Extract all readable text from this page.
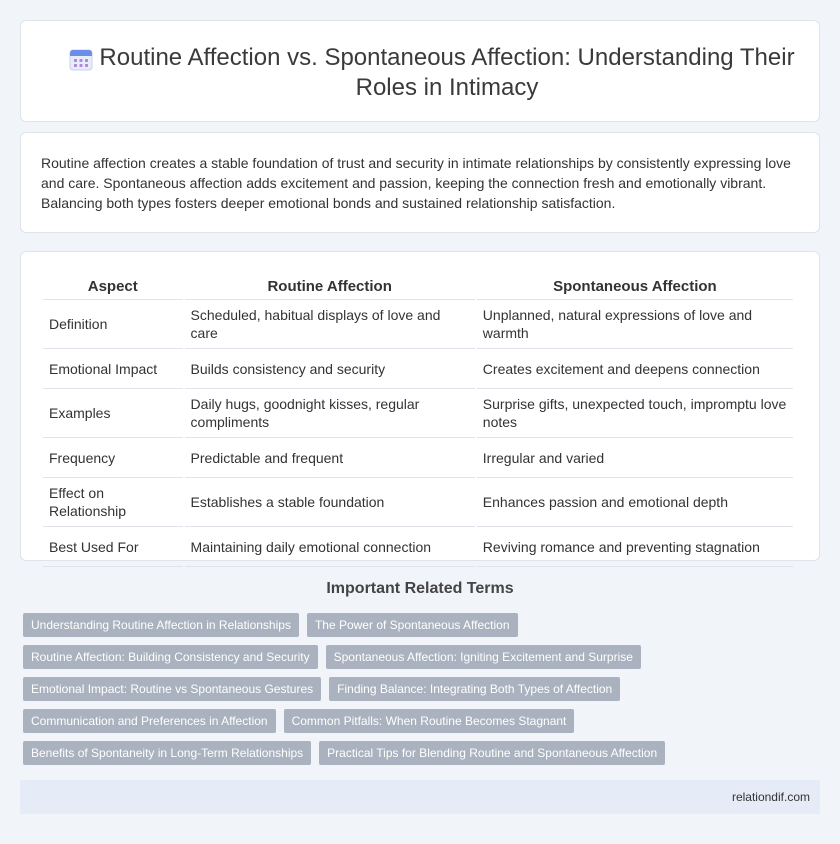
Routine Affection vs. Spontaneous Affection: Understanding Their Roles in Intimacy

Routine affection creates a stable foundation of trust and security in intimate relationships by consistently expressing love and care. Spontaneous affection adds excitement and passion, keeping the connection fresh and emotionally vibrant. Balancing both types fosters deeper emotional bonds and sustained relationship satisfaction.

Aspect	Routine Affection	Spontaneous Affection
Definition	Scheduled, habitual displays of love and care	Unplanned, natural expressions of love and warmth
Emotional Impact	Builds consistency and security	Creates excitement and deepens connection
Examples	Daily hugs, goodnight kisses, regular compliments	Surprise gifts, unexpected touch, impromptu love notes
Frequency	Predictable and frequent	Irregular and varied
Effect on Relationship	Establishes a stable foundation	Enhances passion and emotional depth
Best Used For	Maintaining daily emotional connection	Reviving romance and preventing stagnation
Important Related Terms
Understanding Routine Affection in Relationships	The Power of Spontaneous Affection
Routine Affection: Building Consistency and Security	Spontaneous Affection: Igniting Excitement and Surprise
Emotional Impact: Routine vs Spontaneous Gestures	Finding Balance: Integrating Both Types of Affection
Communication and Preferences in Affection	Common Pitfalls: When Routine Becomes Stagnant
Benefits of Spontaneity in Long-Term Relationships	Practical Tips for Blending Routine and Spontaneous Affection
relationdif.com
